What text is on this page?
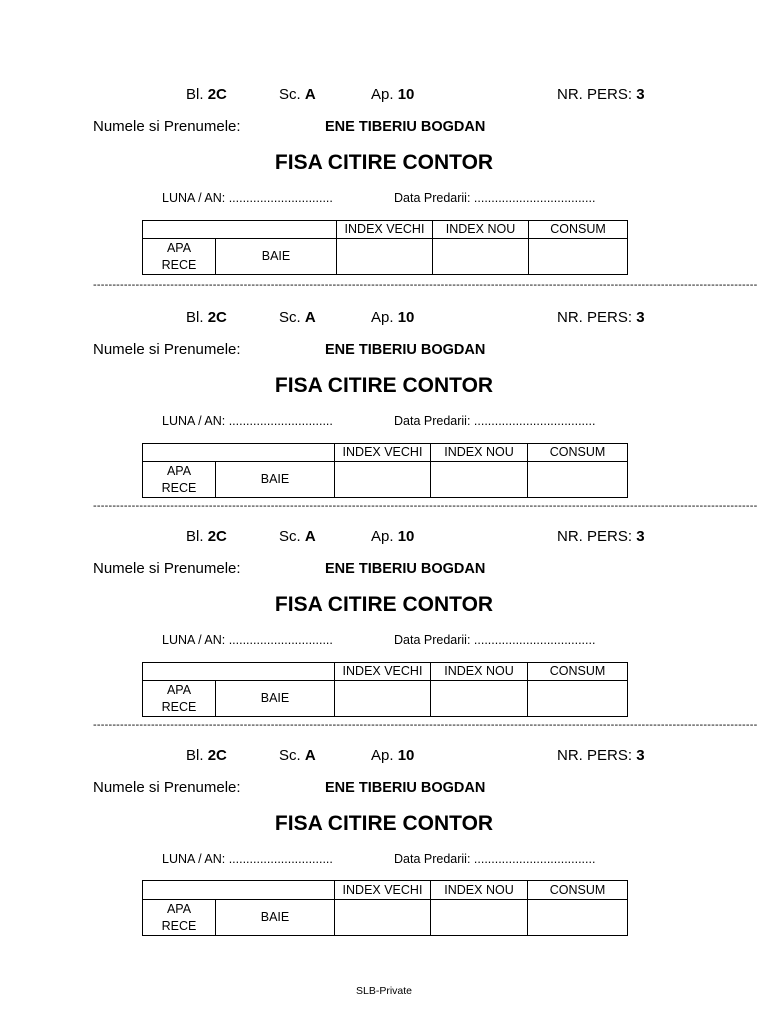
Bl. 2C	Sc. A	Ap. 10	NR. PERS: 3
Numele si Prenumele:	ENE TIBERIU BOGDAN
FISA CITIRE CONTOR
LUNA / AN: ..............................	Data Predarii: ...................................
		INDEX VECHI	INDEX NOU	CONSUM
APA
RECE	BAIE			
----------------------------------------------------------------------------------------------------------------------------------------------------------------------------
Bl. 2C	Sc. A	Ap. 10	NR. PERS: 3
Numele si Prenumele:	ENE TIBERIU BOGDAN
FISA CITIRE CONTOR
LUNA / AN: ..............................	Data Predarii: ...................................
		INDEX VECHI	INDEX NOU	CONSUM
APA
RECE	BAIE			
----------------------------------------------------------------------------------------------------------------------------------------------------------------------------
Bl. 2C	Sc. A	Ap. 10	NR. PERS: 3
Numele si Prenumele:	ENE TIBERIU BOGDAN
FISA CITIRE CONTOR
LUNA / AN: ..............................	Data Predarii: ...................................
		INDEX VECHI	INDEX NOU	CONSUM
APA
RECE	BAIE			
----------------------------------------------------------------------------------------------------------------------------------------------------------------------------
Bl. 2C	Sc. A	Ap. 10	NR. PERS: 3
Numele si Prenumele:	ENE TIBERIU BOGDAN
FISA CITIRE CONTOR
LUNA / AN: ..............................	Data Predarii: ...................................
		INDEX VECHI	INDEX NOU	CONSUM
APA
RECE	BAIE			
SLB-Private
